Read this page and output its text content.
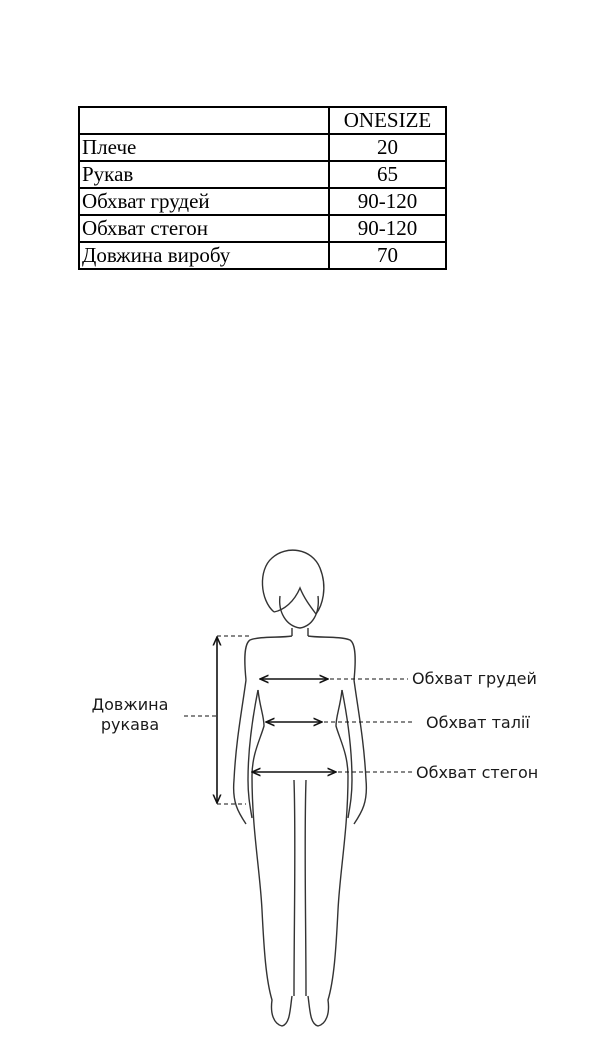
	ONESIZE
Плече	20
Рукав	65
Обхват грудей	90-120
Обхват стегон	90-120
Довжина виробу	70
Довжина
рукава
Обхват грудей
Обхват талії
Обхват стегон
